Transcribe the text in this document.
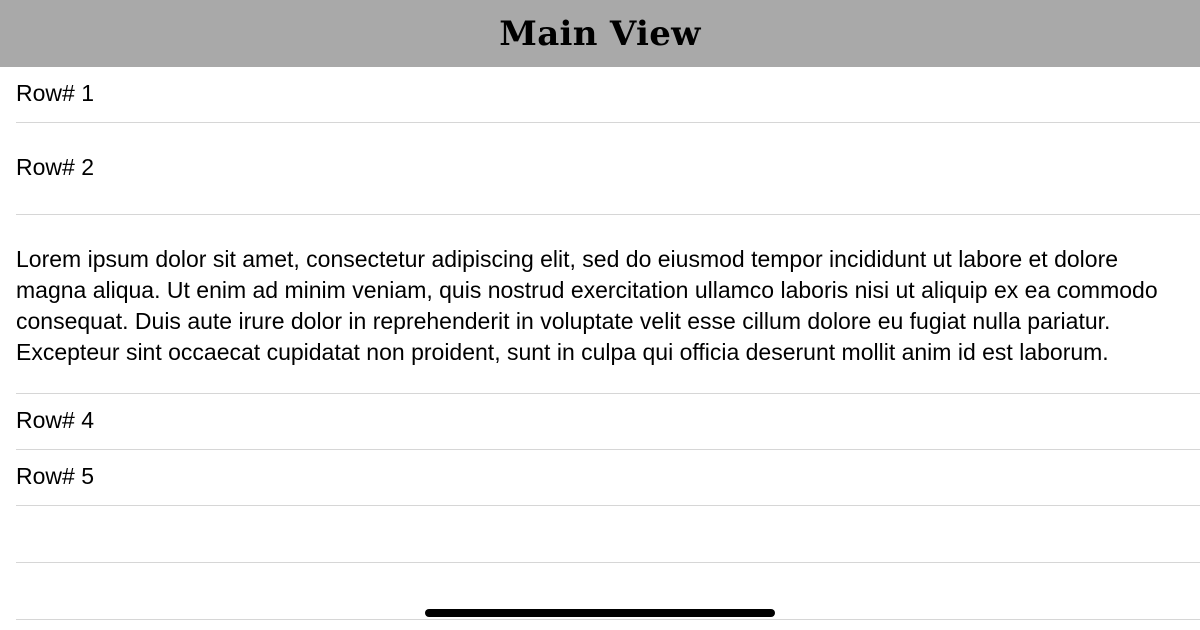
Main View
Row# 1
Row# 2
Lorem ipsum dolor sit amet, consectetur adipiscing elit, sed do eiusmod tempor incididunt ut labore et dolore magna aliqua. Ut enim ad minim veniam, quis nostrud exercitation ullamco laboris nisi ut aliquip ex ea commodo consequat. Duis aute irure dolor in reprehenderit in voluptate velit esse cillum dolore eu fugiat nulla pariatur. Excepteur sint occaecat cupidatat non proident, sunt in culpa qui officia deserunt mollit anim id est laborum.
Row# 4
Row# 5
